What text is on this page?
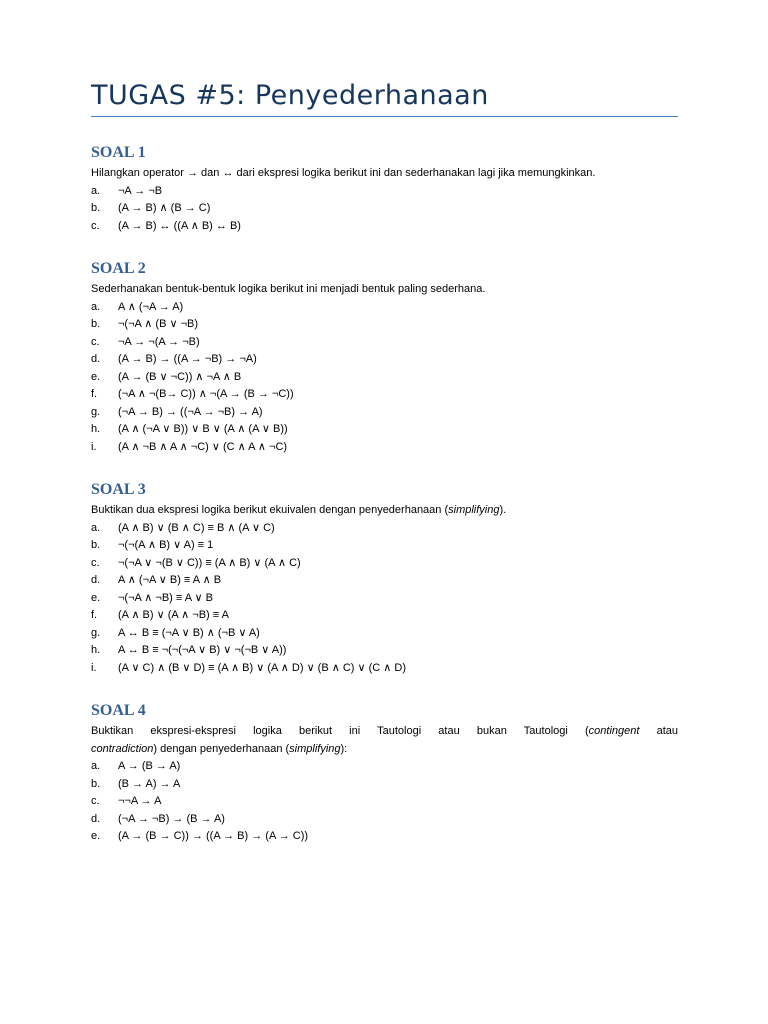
TUGAS #5: Penyederhanaan
SOAL 1

Hilangkan operator → dan ↔ dari ekspresi logika berikut ini dan sederhanakan lagi jika memungkinkan.

a.	¬A → ¬B
b.	(A → B) ∧ (B → C)
c.	(A → B) ↔ ((A ∧ B) ↔ B)
SOAL 2

Sederhanakan bentuk-bentuk logika berikut ini menjadi bentuk paling sederhana.

a.	A ∧ (¬A → A)
b.	¬(¬A ∧ (B ∨ ¬B)
c.	¬A → ¬(A → ¬B)
d.	(A → B) → ((A → ¬B) → ¬A)
e.	(A → (B ∨ ¬C)) ∧ ¬A ∧ B
f.	(¬A ∧ ¬(B→ C)) ∧ ¬(A → (B → ¬C))
g.	(¬A → B) → ((¬A → ¬B) → A)
h.	(A ∧ (¬A ∨ B)) ∨ B ∨ (A ∧ (A ∨ B))
i.	(A ∧ ¬B ∧ A ∧ ¬C) ∨ (C ∧ A ∧ ¬C)
SOAL 3

Buktikan dua ekspresi logika berikut ekuivalen dengan penyederhanaan (simplifying).

a.	(A ∧ B) ∨ (B ∧ C) ≡ B ∧ (A ∨ C)
b.	¬(¬(A ∧ B) ∨ A) ≡ 1
c.	¬(¬A ∨ ¬(B ∨ C)) ≡ (A ∧ B) ∨ (A ∧ C)
d.	A ∧ (¬A ∨ B) ≡ A ∧ B
e.	¬(¬A ∧ ¬B) ≡ A ∨ B
f.	(A ∧ B) ∨ (A ∧ ¬B) ≡ A
g.	A ↔ B ≡ (¬A ∨ B) ∧ (¬B ∨ A)
h.	A ↔ B ≡ ¬(¬(¬A ∨ B) ∨ ¬(¬B ∨ A))
i.	(A ∨ C) ∧ (B ∨ D) ≡ (A ∧ B) ∨ (A ∧ D) ∨ (B ∧ C) ∨ (C ∧ D)
SOAL 4

Buktikan ekspresi-ekspresi logika berikut ini Tautologi atau bukan Tautologi (contingent atau

contradiction) dengan penyederhanaan (simplifying):

a.	A → (B → A)
b.	(B → A) → A
c.	¬¬A → A
d.	(¬A → ¬B) → (B → A)
e.	(A → (B → C)) → ((A → B) → (A → C))
